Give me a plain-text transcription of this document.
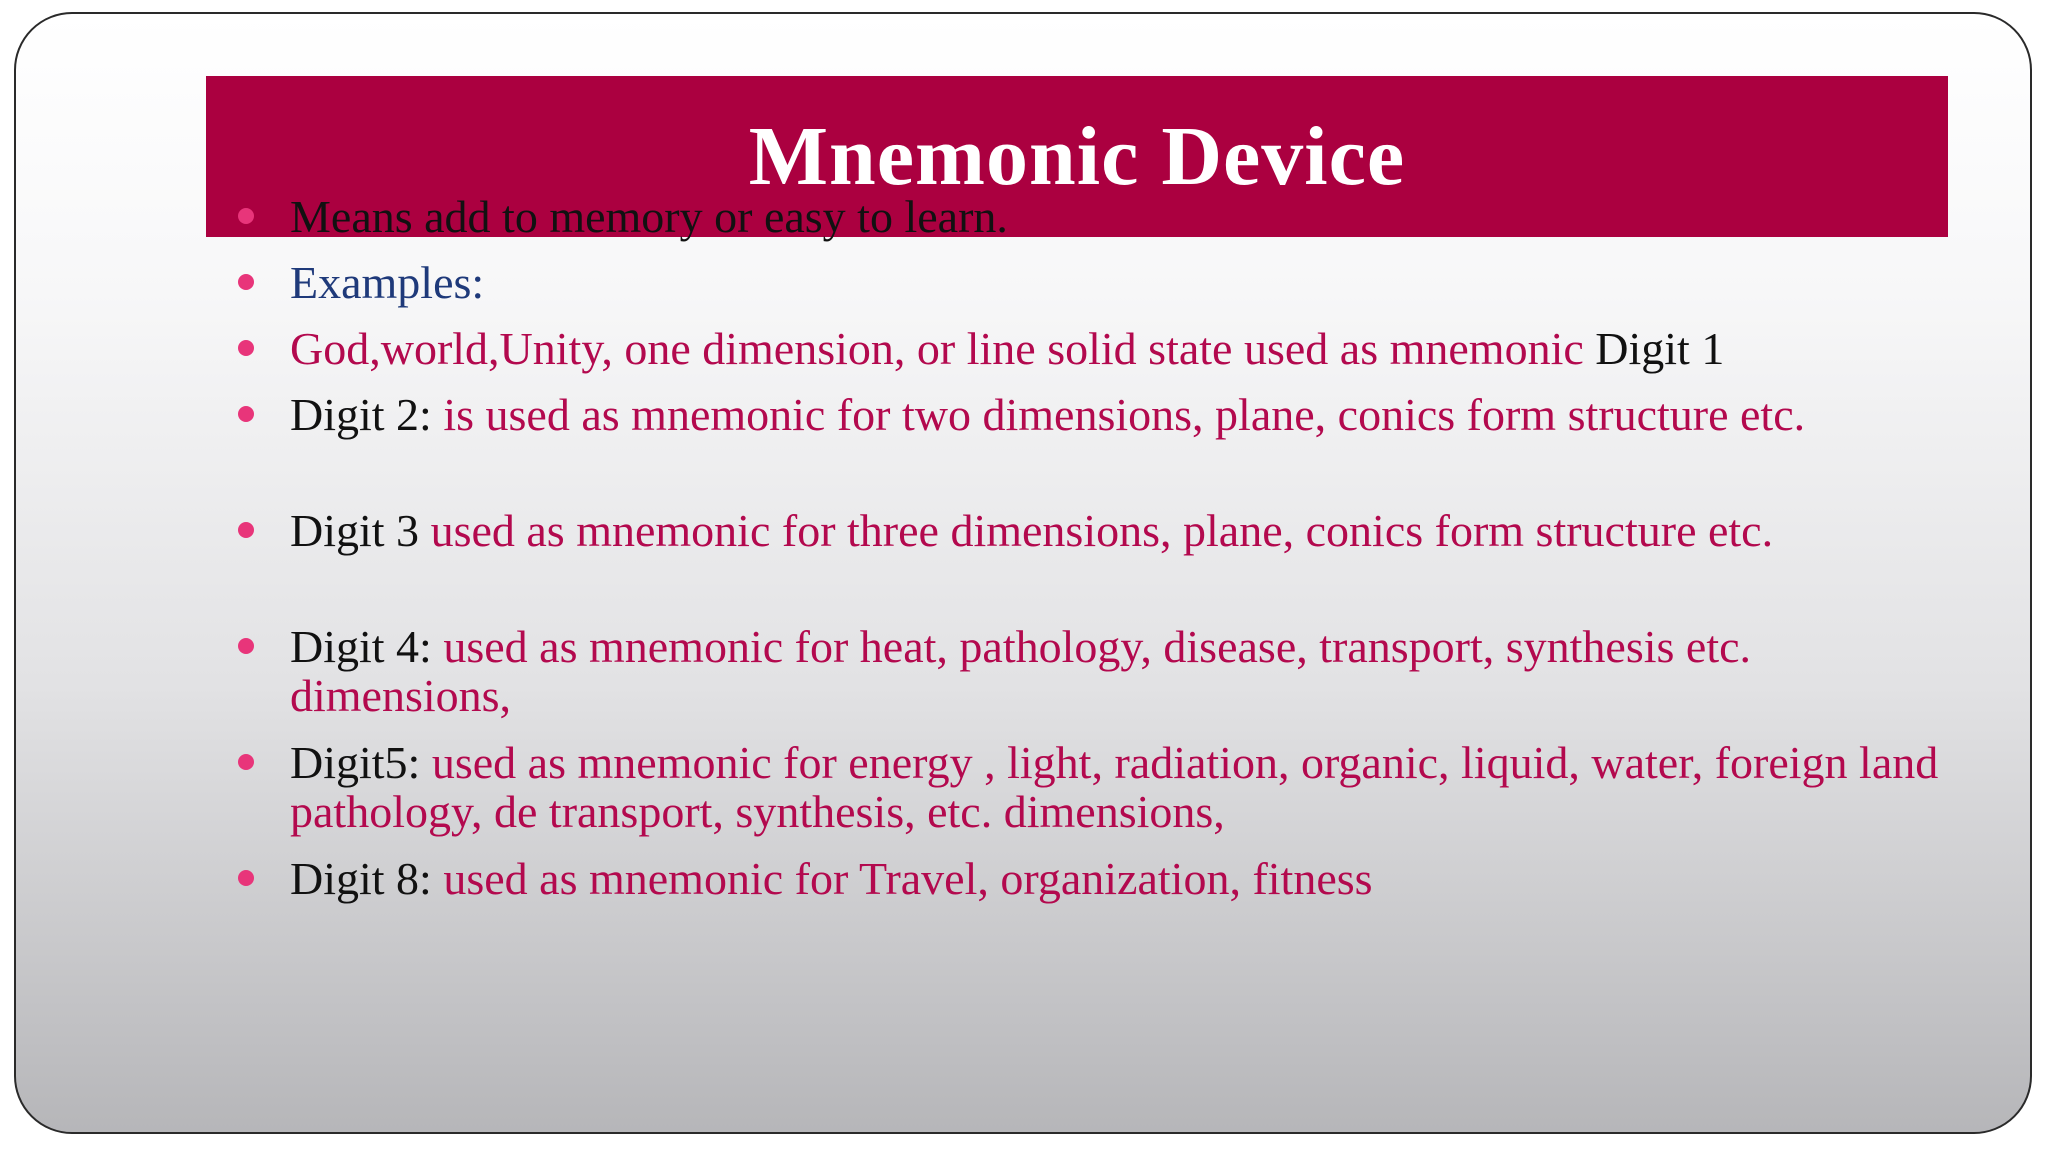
Mnemonic Device
Means add to memory or easy to learn.
Examples:
God,world,Unity, one dimension, or line solid state used as mnemonic Digit 1
Digit 2: is used as mnemonic for two dimensions, plane, conics form structure etc.
Digit 3 used as mnemonic for three dimensions, plane, conics form structure etc.
Digit 4: used as mnemonic for heat, pathology, disease, transport, synthesis etc. dimensions,
Digit5: used as mnemonic for energy , light, radiation, organic, liquid, water, foreign land pathology, de transport, synthesis, etc. dimensions,
Digit 8: used as mnemonic for Travel, organization, fitness
